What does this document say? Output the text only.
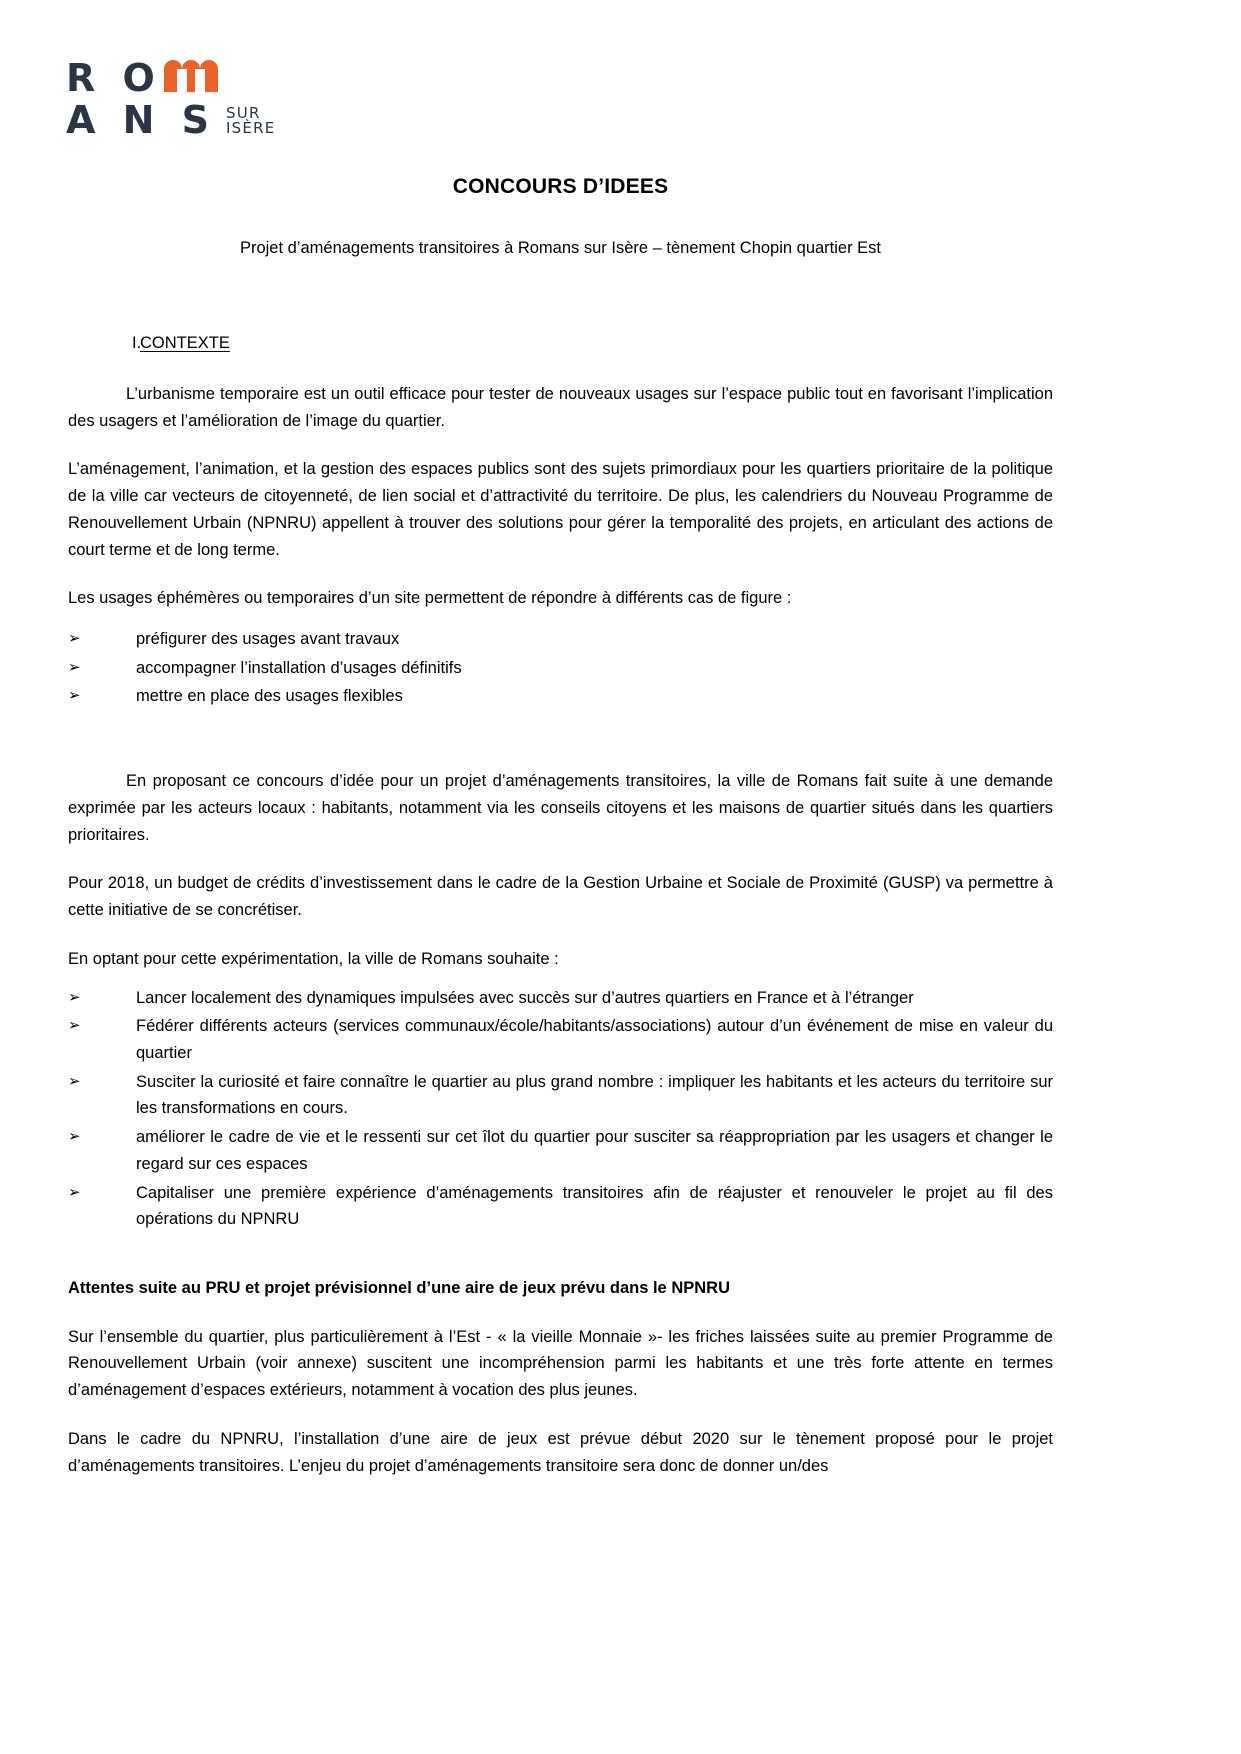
R O
A N S SUR
ISÈRE
CONCOURS D’IDEES
Projet d’aménagements transitoires à Romans sur Isère – tènement Chopin quartier Est
I.
CONTEXTE

L’urbanisme temporaire est un outil efficace pour tester de nouveaux usages sur l’espace public tout en favorisant l’implication des usagers et l’amélioration de l’image du quartier.

L’aménagement, l’animation, et la gestion des espaces publics sont des sujets primordiaux pour les quartiers prioritaire de la politique de la ville car vecteurs de citoyenneté, de lien social et d’attractivité du territoire. De plus, les calendriers du Nouveau Programme de Renouvellement Urbain (NPNRU) appellent à trouver des solutions pour gérer la temporalité des projets, en articulant des actions de court terme et de long terme.

Les usages éphémères ou temporaires d’un site permettent de répondre à différents cas de figure :

➢	préfigurer des usages avant travaux
➢	accompagner l’installation d’usages définitifs
➢	mettre en place des usages flexibles

En proposant ce concours d’idée pour un projet d’aménagements transitoires, la ville de Romans fait suite à une demande exprimée par les acteurs locaux : habitants, notamment via les conseils citoyens et les maisons de quartier situés dans les quartiers prioritaires.

Pour 2018, un budget de crédits d’investissement dans le cadre de la Gestion Urbaine et Sociale de Proximité (GUSP) va permettre à cette initiative de se concrétiser.

En optant pour cette expérimentation, la ville de Romans souhaite :

➢	Lancer localement des dynamiques impulsées avec succès sur d’autres quartiers en France et à l’étranger
➢	Fédérer différents acteurs (services communaux/école/habitants/associations) autour d’un événement de mise en valeur du quartier
➢	Susciter la curiosité et faire connaître le quartier au plus grand nombre : impliquer les habitants et les acteurs du territoire sur les transformations en cours.
➢	améliorer le cadre de vie et le ressenti sur cet îlot du quartier pour susciter sa réappropriation par les usagers et changer le regard sur ces espaces
➢	Capitaliser une première expérience d’aménagements transitoires afin de réajuster et renouveler le projet au fil des opérations du NPNRU

Attentes suite au PRU et projet prévisionnel d’une aire de jeux prévu dans le NPNRU

Sur l’ensemble du quartier, plus particulièrement à l’Est - « la vieille Monnaie »- les friches laissées suite au premier Programme de Renouvellement Urbain (voir annexe) suscitent une incompréhension parmi les habitants et une très forte attente en termes d’aménagement d’espaces extérieurs, notamment à vocation des plus jeunes.

Dans le cadre du NPNRU, l’installation d’une aire de jeux est prévue début 2020 sur le tènement proposé pour le projet d’aménagements transitoires. L’enjeu du projet d’aménagements transitoire sera donc de donner un/des
